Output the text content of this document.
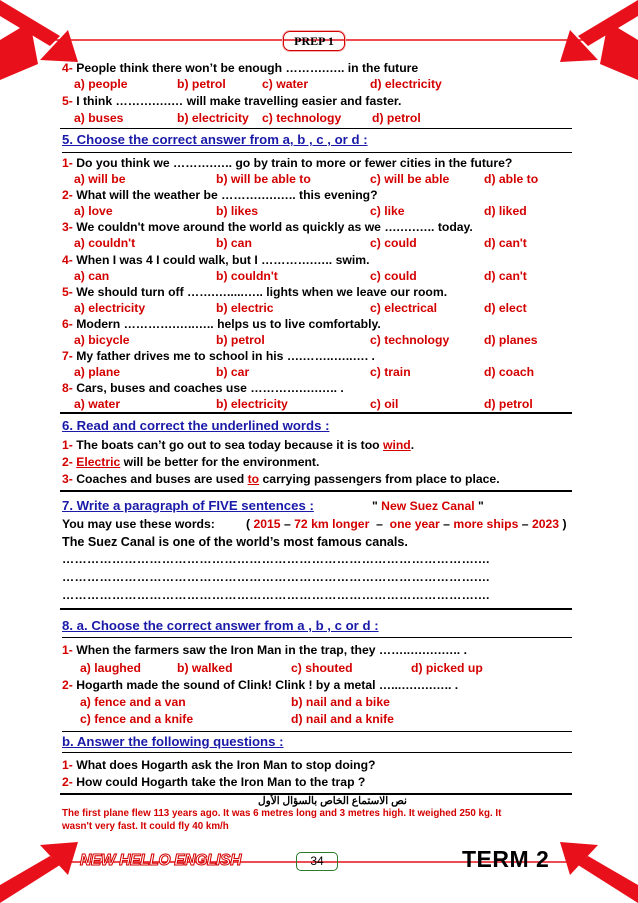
PREP 1
4- People think there won’t be enough ……….….. in the future
a) people	b) petrol	c) water	d) electricity
5- I think ……….….… will make travelling easier and faster.
a) buses	b) electricity c) technology	d) petrol
5. Choose the correct answer from a, b , c , or d :
1- Do you think we ……….….. go by train to more or fewer cities in the future?
a) will be	b) will be able to	c) will be able	d) able to
2- What will the weather be ……….….….. this evening?
a) love	b) likes	c) like	d) liked
3- We couldn't move around the world as quickly as we ….….….. today.
a) couldn't	b) can	c) could	d) can't
4- When I was 4 I could walk, but I ………….….. swim.
a) can	b) couldn't	c) could	d) can't
5- We should turn off …….….....….. lights when we leave our room.
a) electricity	b) electric	c) electrical	d) elect
6- Modern ………….…..….. helps us to live comfortably.
a) bicycle	b) petrol	c) technology	d) planes
7- My father drives me to school in his ….……..…..…. .
a) plane	b) car	c) train	d) coach
8- Cars, buses and coaches use ………….….….. .
a) water	b) electricity	c) oil	d) petrol
6. Read and correct the underlined words :
1- The boats can’t go out to sea today because it is too wind.
2- Electric will be better for the environment.
3- Coaches and buses are used to carrying passengers from place to place.
7. Write a paragraph of FIVE sentences :	" New Suez Canal "
You may use these words:	( 2015 – 72 km longer  –  one year – more ships – 2023 )
The Suez Canal is one of the world’s most famous canals.
……………………………………………………………………………………….…
……………………………………………………………………………………….…
……………………………………………………………………………………….…
8. a. Choose the correct answer from a , b , c or d :
1- When the farmers saw the Iron Man in the trap, they ……..….….….. .
a) laughed	b) walked	c) shouted	d) picked up
2- Hogarth made the sound of Clink! Clink ! by a metal …...….….….. .
a) fence and a van	b) nail and a bike
c) fence and a knife	d) nail and a knife
b. Answer the following questions :
1- What does Hogarth ask the Iron Man to stop doing?
2- How could Hogarth take the Iron Man to the trap ?
نص الاستماع الخاص بالسؤال الأول
The first plane flew 113 years ago. It was 6 metres long and 3 metres high. It weighed 250 kg. It
wasn't very fast. It could fly 40 km/h
NEW HELLO ENGLISH	34	TERM 2
